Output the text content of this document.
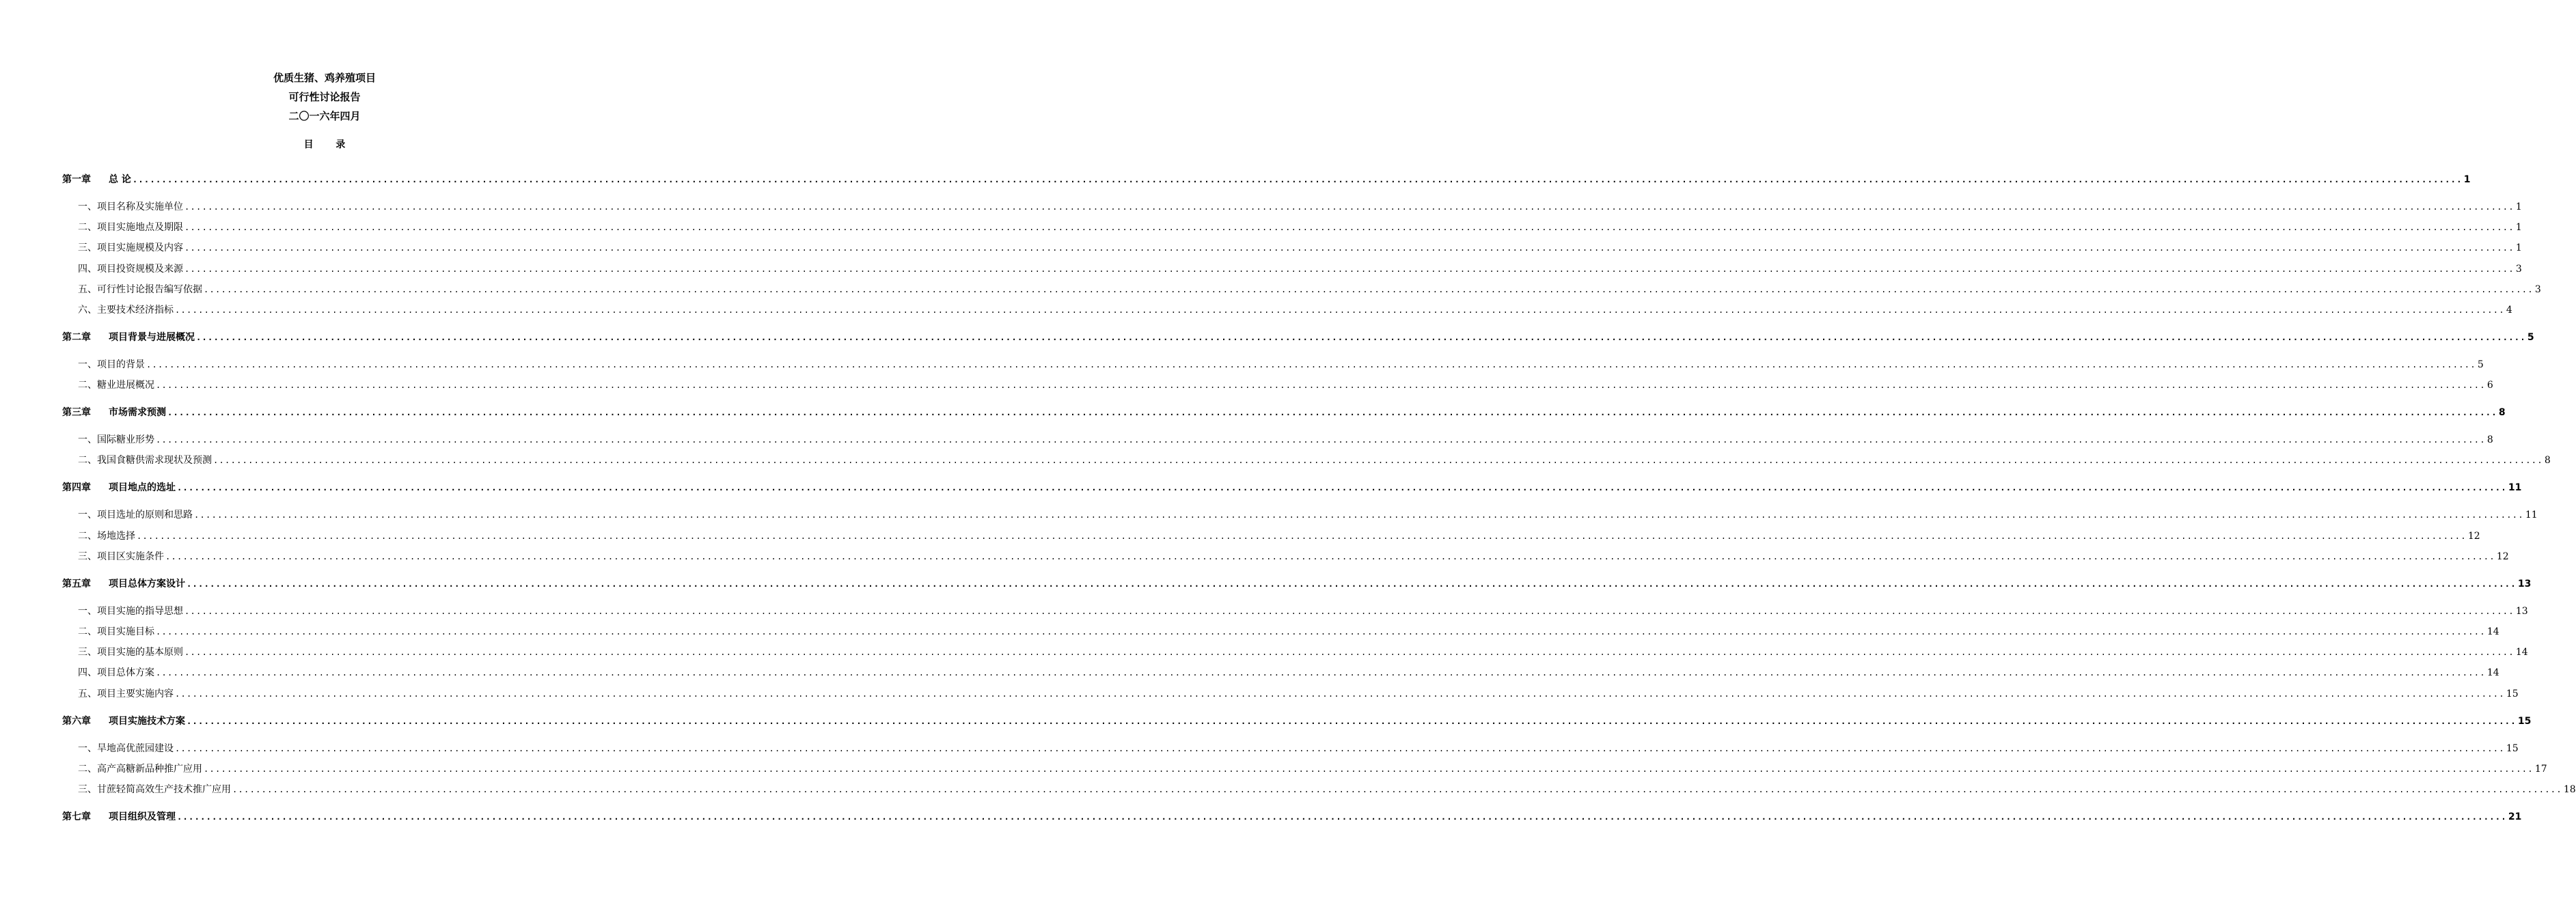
优质生猪、鸡养殖项目
可行性讨论报告
二〇一六年四月
目 录
第一章	总 论 ................................................................................................................................................................................................................................................................................................................................................................................................................ 1
一、项目名称及实施单位 ................................................................................................................................................................................................................................................................................................................................................................................................................ 1
二、项目实施地点及期限 ................................................................................................................................................................................................................................................................................................................................................................................................................ 1
三、项目实施规模及内容 ................................................................................................................................................................................................................................................................................................................................................................................................................ 1
四、项目投资规模及来源 ................................................................................................................................................................................................................................................................................................................................................................................................................ 3
五、可行性讨论报告编写依据 ................................................................................................................................................................................................................................................................................................................................................................................................................ 3
六、主要技术经济指标 ................................................................................................................................................................................................................................................................................................................................................................................................................ 4
第二章	项目背景与进展概况 ................................................................................................................................................................................................................................................................................................................................................................................................................ 5
一、项目的背景 ................................................................................................................................................................................................................................................................................................................................................................................................................ 5
二、糖业进展概况 ................................................................................................................................................................................................................................................................................................................................................................................................................ 6
第三章	市场需求预测 ................................................................................................................................................................................................................................................................................................................................................................................................................ 8
一、国际糖业形势 ................................................................................................................................................................................................................................................................................................................................................................................................................ 8
二、我国食糖供需求现状及预测 ................................................................................................................................................................................................................................................................................................................................................................................................................ 8
第四章	项目地点的选址 ................................................................................................................................................................................................................................................................................................................................................................................................................ 11
一、项目选址的原则和思路 ................................................................................................................................................................................................................................................................................................................................................................................................................ 11
二、场地选择 ................................................................................................................................................................................................................................................................................................................................................................................................................ 12
三、项目区实施条件 ................................................................................................................................................................................................................................................................................................................................................................................................................ 12
第五章	项目总体方案设计 ................................................................................................................................................................................................................................................................................................................................................................................................................ 13
一、项目实施的指导思想 ................................................................................................................................................................................................................................................................................................................................................................................................................ 13
二、项目实施目标 ................................................................................................................................................................................................................................................................................................................................................................................................................ 14
三、项目实施的基本原则 ................................................................................................................................................................................................................................................................................................................................................................................................................ 14
四、项目总体方案 ................................................................................................................................................................................................................................................................................................................................................................................................................ 14
五、项目主要实施内容 ................................................................................................................................................................................................................................................................................................................................................................................................................ 15
第六章	项目实施技术方案 ................................................................................................................................................................................................................................................................................................................................................................................................................ 15
一、旱地高优蔗园建设 ................................................................................................................................................................................................................................................................................................................................................................................................................ 15
二、高产高糖新品种推广应用 ................................................................................................................................................................................................................................................................................................................................................................................................................ 17
三、甘蔗轻简高效生产技术推广应用 ................................................................................................................................................................................................................................................................................................................................................................................................................ 18
第七章	项目组织及管理 ................................................................................................................................................................................................................................................................................................................................................................................................................ 21
